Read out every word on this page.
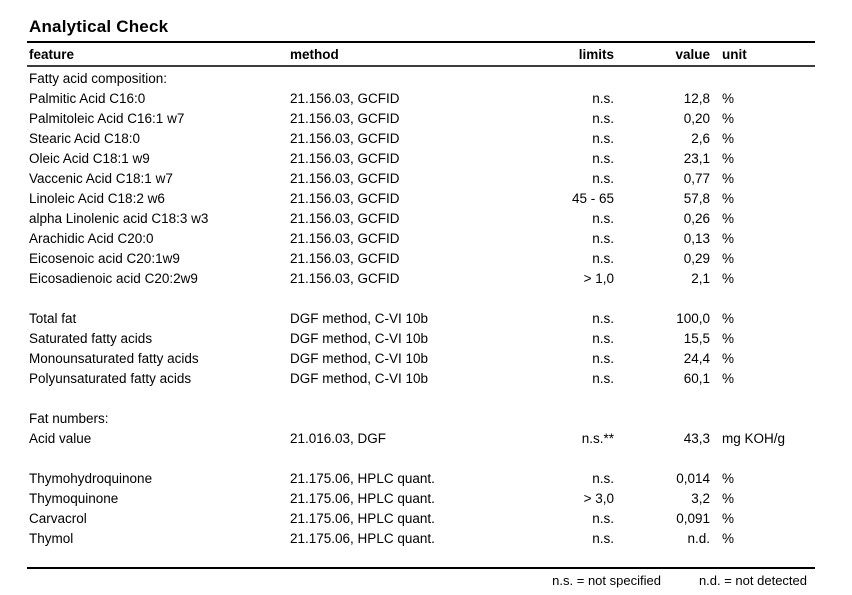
Analytical Check
feature	method	limits	value unit
Fatty acid composition:
Palmitic Acid C16:0	21.156.03, GCFID	n.s.	12,8 %
Palmitoleic Acid C16:1 w7	21.156.03, GCFID	n.s.	0,20 %
Stearic Acid C18:0	21.156.03, GCFID	n.s.	2,6 %
Oleic Acid C18:1 w9	21.156.03, GCFID	n.s.	23,1 %
Vaccenic Acid C18:1 w7	21.156.03, GCFID	n.s.	0,77 %
Linoleic Acid C18:2 w6	21.156.03, GCFID	45 - 65	57,8 %
alpha Linolenic acid C18:3 w3	21.156.03, GCFID	n.s.	0,26 %
Arachidic Acid C20:0	21.156.03, GCFID	n.s.	0,13 %
Eicosenoic acid C20:1w9	21.156.03, GCFID	n.s.	0,29 %
Eicosadienoic acid C20:2w9	21.156.03, GCFID	> 1,0	2,1 %
Total fat	DGF method, C-VI 10b	n.s.	100,0 %
Saturated fatty acids	DGF method, C-VI 10b	n.s.	15,5 %
Monounsaturated fatty acids	DGF method, C-VI 10b	n.s.	24,4 %
Polyunsaturated fatty acids	DGF method, C-VI 10b	n.s.	60,1 %
Fat numbers:
Acid value	21.016.03, DGF	n.s.**	43,3 mg KOH/g
Thymohydroquinone	21.175.06, HPLC quant.	n.s.	0,014 %
Thymoquinone	21.175.06, HPLC quant.	> 3,0	3,2 %
Carvacrol	21.175.06, HPLC quant.	n.s.	0,091 %
Thymol	21.175.06, HPLC quant.	n.s.	n.d. %
n.s. = not specified	n.d. = not detected
